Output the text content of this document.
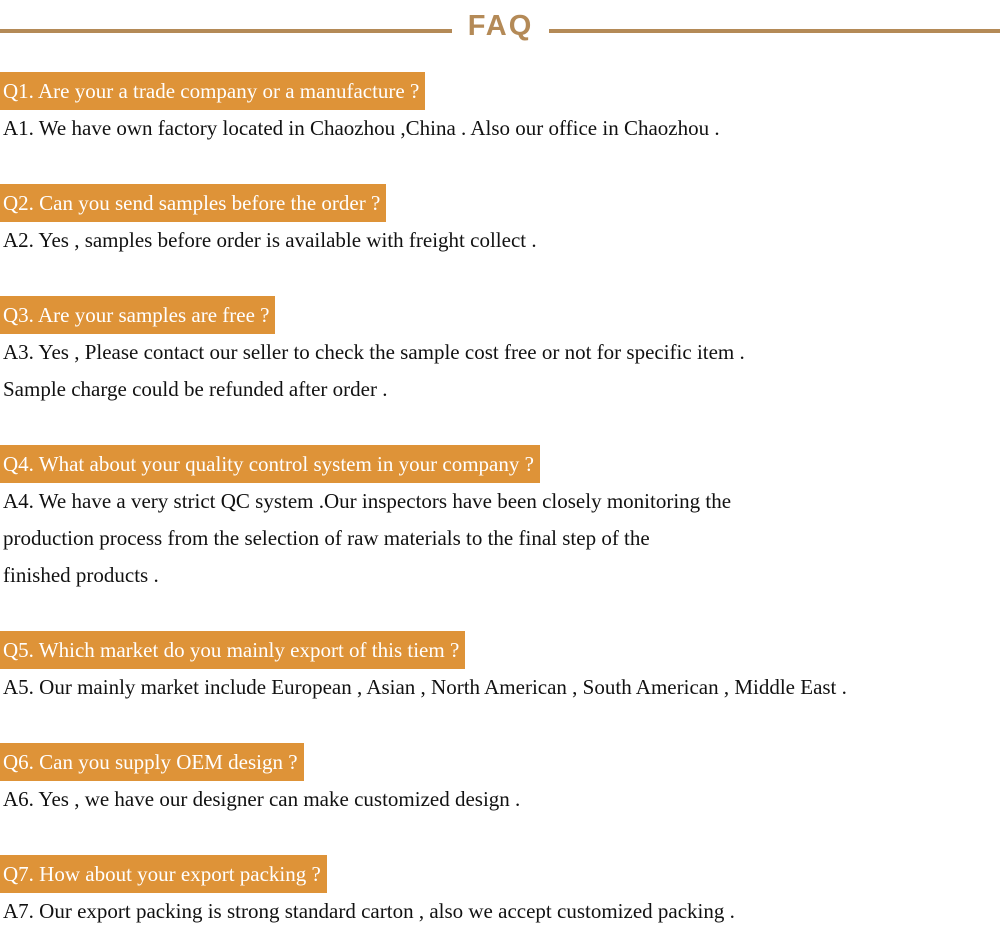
FAQ
Q1. Are your a trade company or a manufacture ?
A1. We have own factory located in Chaozhou ,China . Also our office in Chaozhou .
Q2. Can you send samples before the order ?
A2. Yes , samples before order is available with freight collect .
Q3. Are your samples are free ?
A3. Yes , Please contact our seller to check the sample cost free or not for specific item .
Sample charge could be refunded after order .
Q4. What about your quality control system in your company ?
A4. We have a very strict QC system .Our inspectors have been closely monitoring the
production process from the selection of raw materials to the final step of the
finished products .
Q5. Which market do you mainly export of this tiem ?
A5. Our mainly market include European , Asian , North American , South American , Middle East .
Q6. Can you supply OEM design ?
A6. Yes , we have our designer can make customized design .
Q7. How about your export packing ?
A7. Our export packing is strong standard carton , also we accept customized packing .
